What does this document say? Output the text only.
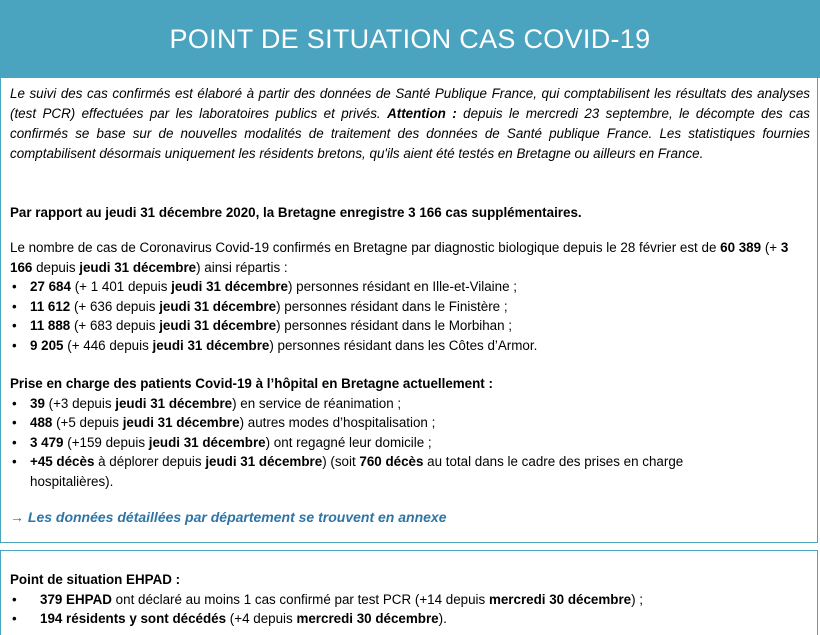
POINT DE SITUATION CAS COVID-19

Le suivi des cas confirmés est élaboré à partir des données de Santé Publique France, qui comptabilisent les résultats des analyses (test PCR) effectuées par les laboratoires publics et privés. Attention : depuis le mercredi 23 septembre, le décompte des cas confirmés se base sur de nouvelles modalités de traitement des données de Santé publique France. Les statistiques fournies comptabilisent désormais uniquement les résidents bretons, qu'ils aient été testés en Bretagne ou ailleurs en France.

Par rapport au jeudi 31 décembre 2020, la Bretagne enregistre 3 166 cas supplémentaires.

Le nombre de cas de Coronavirus Covid-19 confirmés en Bretagne par diagnostic biologique depuis le 28 février est de 60 389 (+ 3 166 depuis jeudi 31 décembre) ainsi répartis :
• 27 684 (+ 1 401 depuis jeudi 31 décembre) personnes résidant en Ille-et-Vilaine ;
• 11 612 (+ 636 depuis jeudi 31 décembre) personnes résidant dans le Finistère ;
• 11 888 (+ 683 depuis jeudi 31 décembre) personnes résidant dans le Morbihan ;
• 9 205 (+ 446 depuis jeudi 31 décembre) personnes résidant dans les Côtes d’Armor.
Prise en charge des patients Covid-19 à l’hôpital en Bretagne actuellement :
• 39 (+3 depuis jeudi 31 décembre) en service de réanimation ;
• 488 (+5 depuis jeudi 31 décembre) autres modes d’hospitalisation ;
• 3 479 (+159 depuis jeudi 31 décembre) ont regagné leur domicile ;
• +45 décès à déplorer depuis jeudi 31 décembre) (soit 760 décès au total dans le cadre des prises en charge hospitalières).
→ Les données détaillées par département se trouvent en annexe
Point de situation EHPAD :
• 379 EHPAD ont déclaré au moins 1 cas confirmé par test PCR (+14 depuis mercredi 30 décembre) ;
• 194 résidents y sont décédés (+4 depuis mercredi 30 décembre).
